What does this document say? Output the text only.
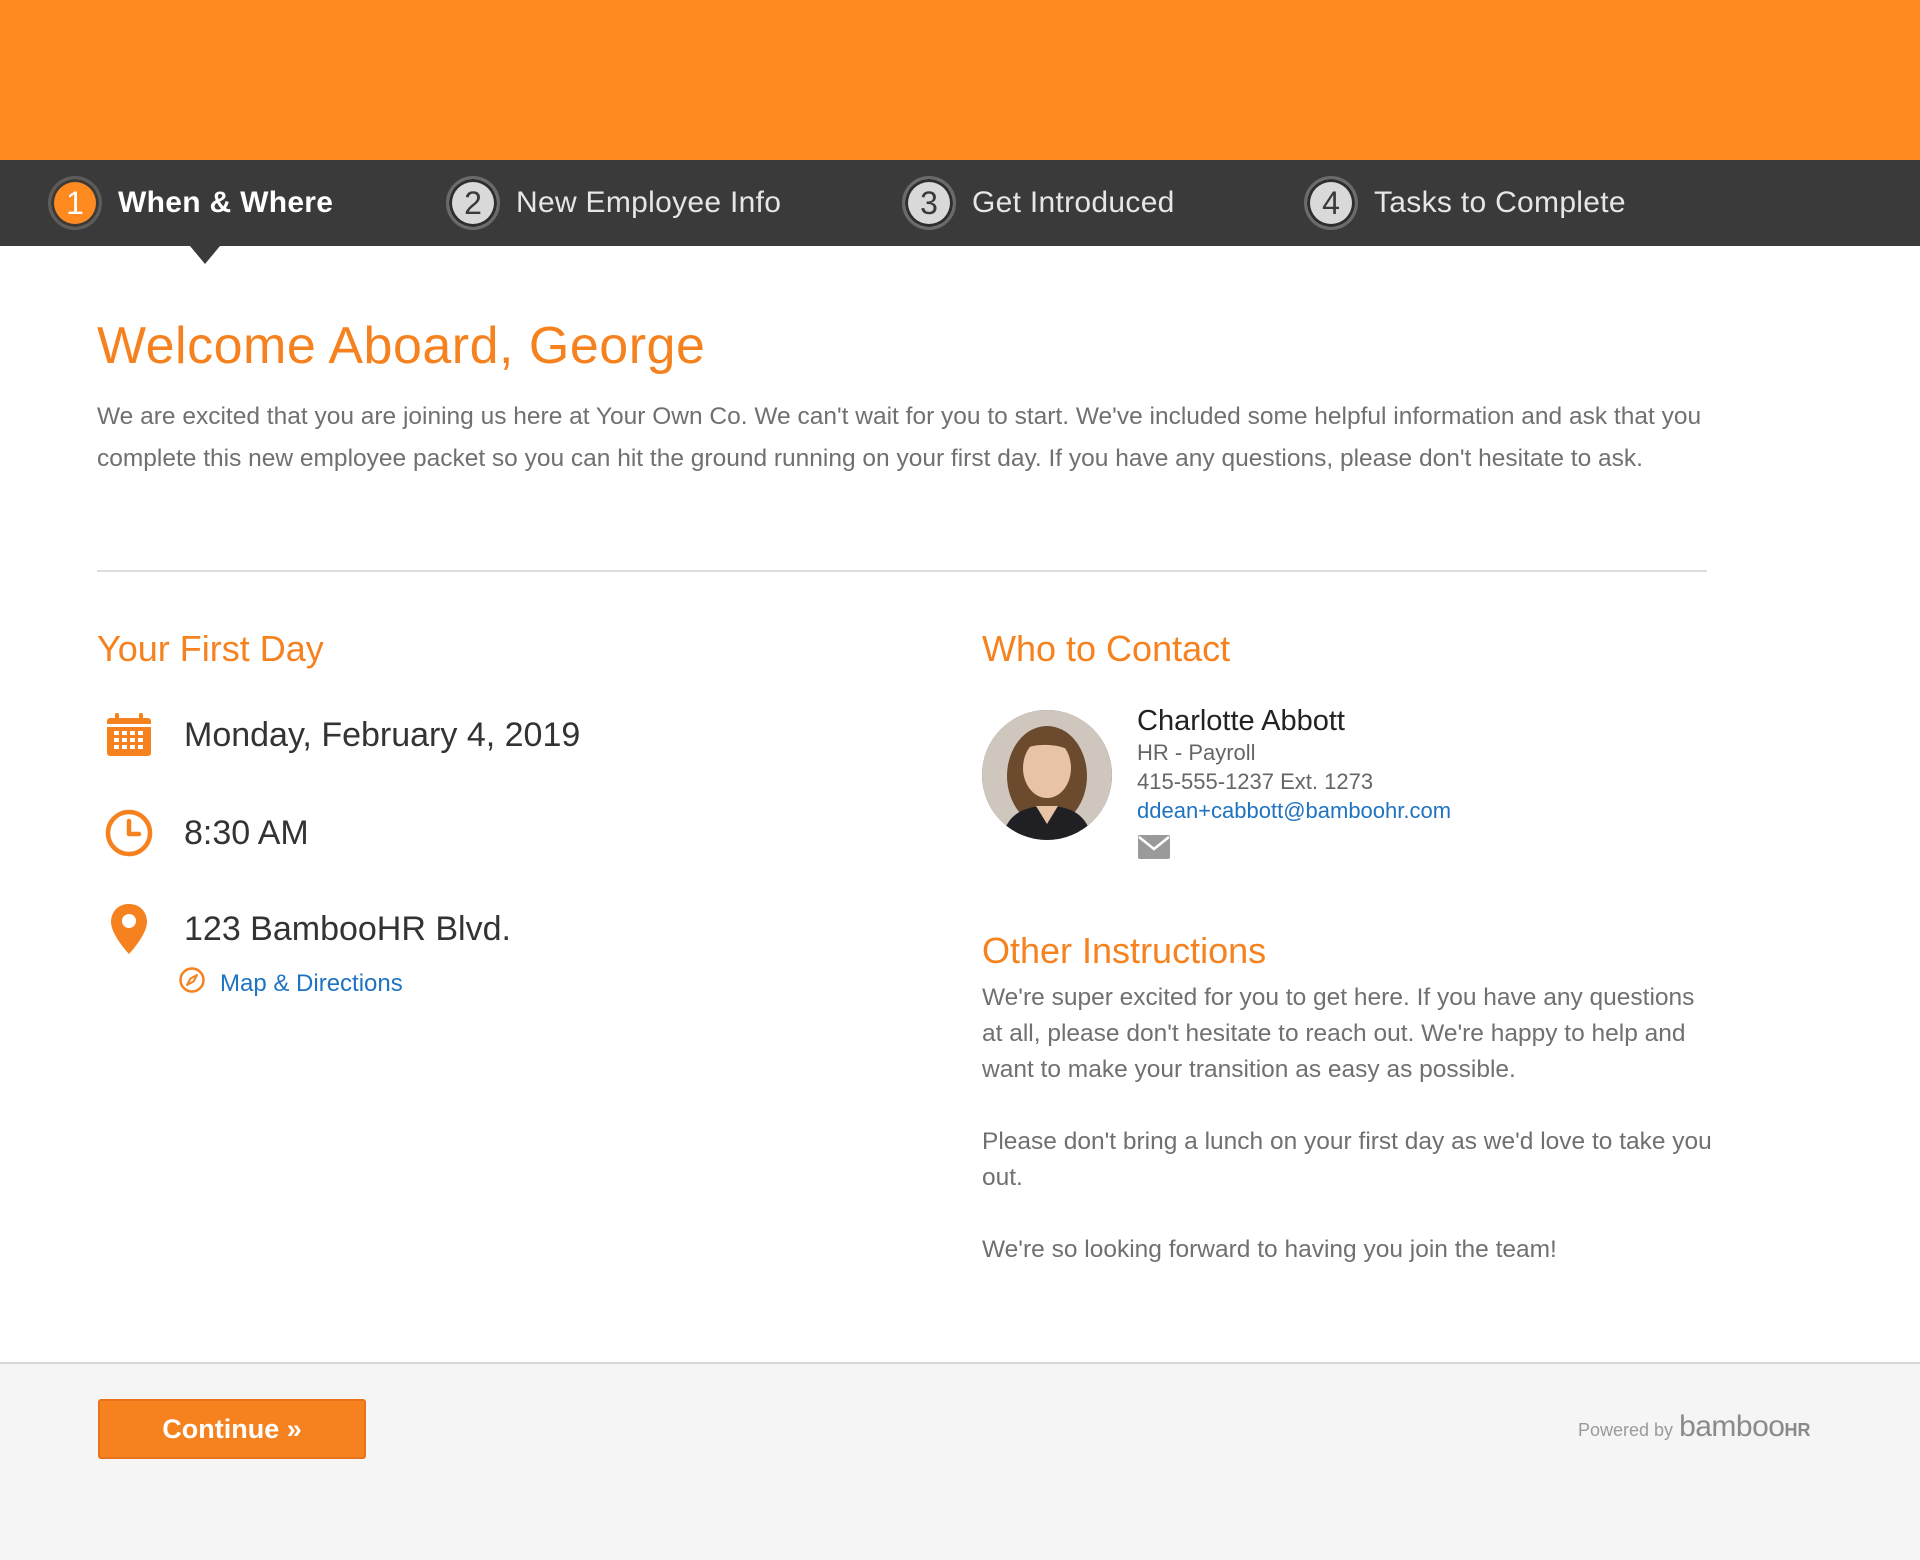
1	When & Where	2	New Employee Info	3	Get Introduced	4	Tasks to Complete
Welcome Aboard, George

We are excited that you are joining us here at Your Own Co. We can't wait for you to start. We've included some helpful information and ask that you complete this new employee packet so you can hit the ground running on your first day. If you have any questions, please don't hesitate to ask.

Your First Day
Monday, February 4, 2019
8:30 AM
123 BambooHR Blvd.
Map & Directions
Who to Contact
Charlotte Abbott
HR - Payroll
415-555-1237 Ext. 1273
ddean+cabbott@bamboohr.com
Other Instructions

We're super excited for you to get here. If you have any questions at all, please don't hesitate to reach out. We're happy to help and want to make your transition as easy as possible.

Please don't bring a lunch on your first day as we'd love to take you out.

We're so looking forward to having you join the team!

Continue »	Powered by bamboo HR
